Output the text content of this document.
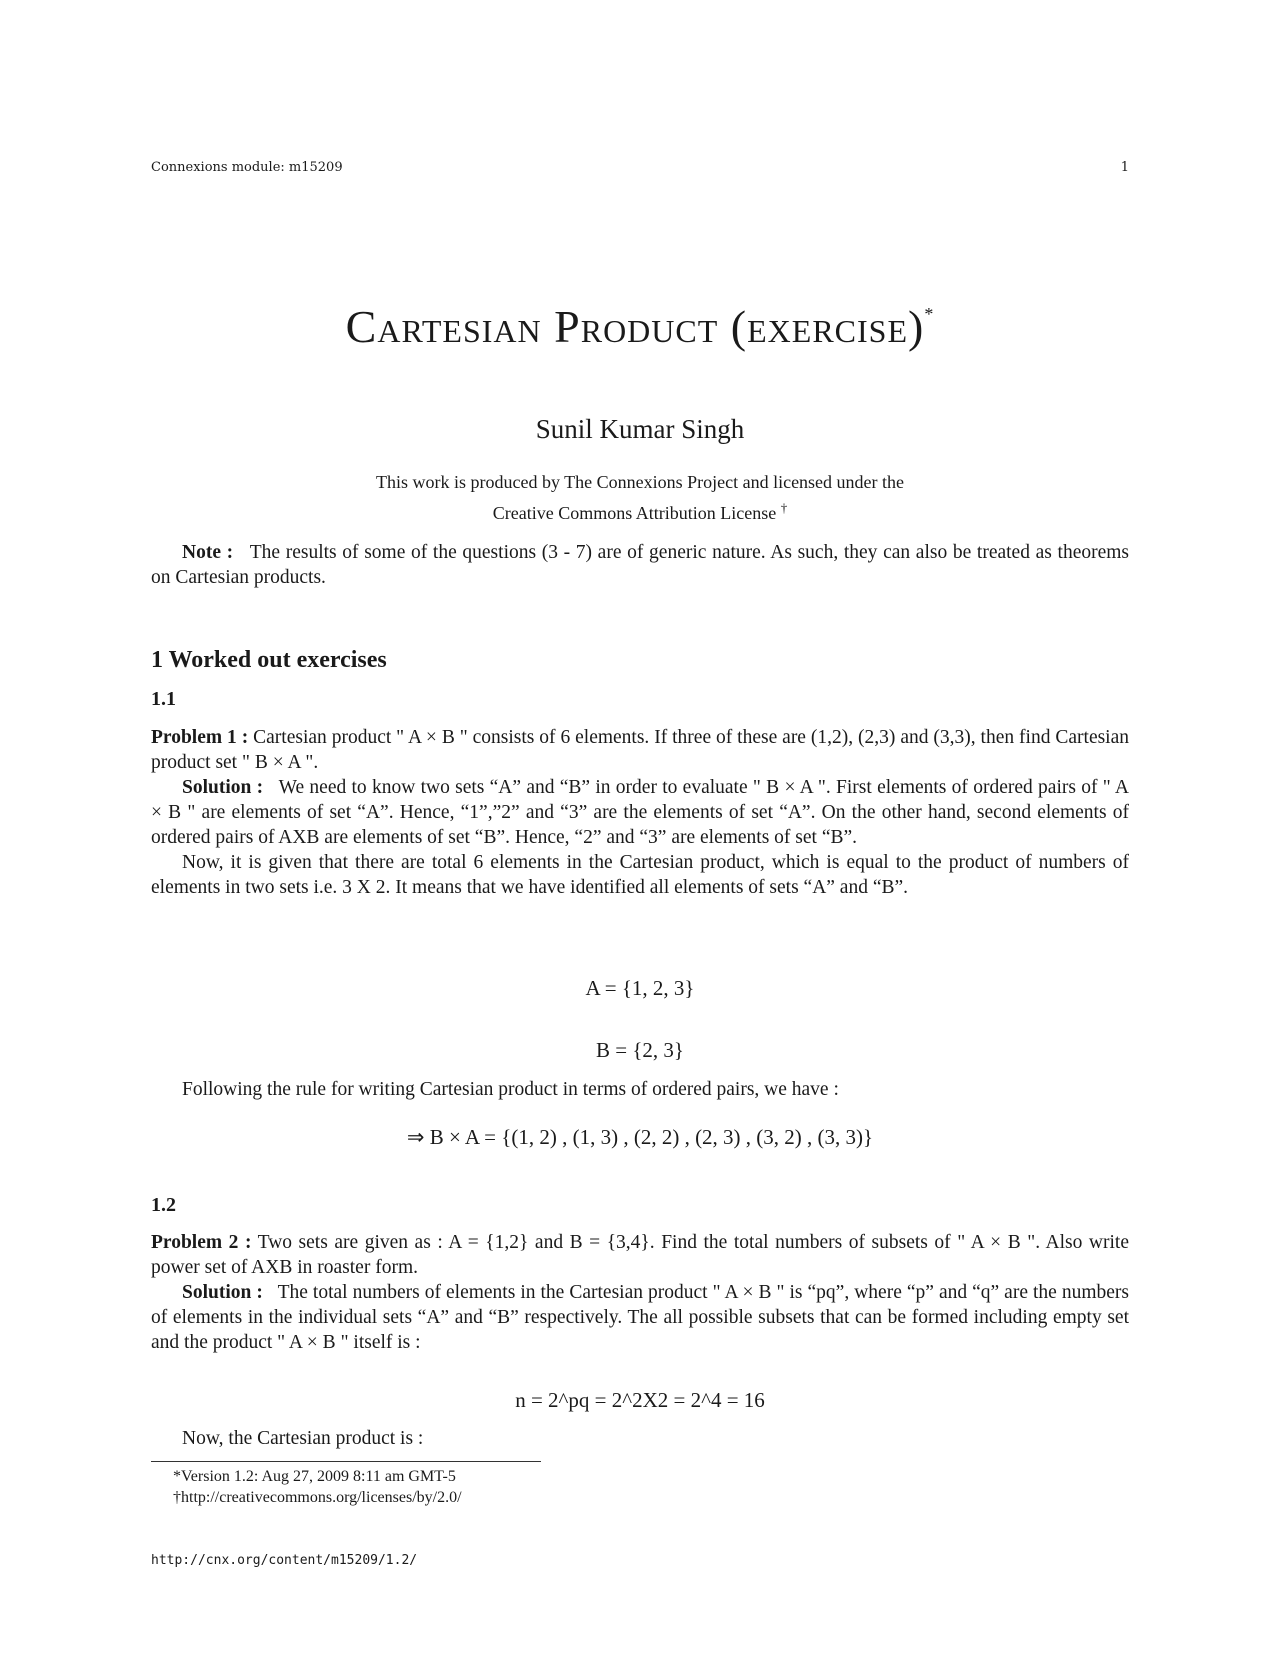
Connexions module: m15209	1
Cartesian Product (exercise)*
Sunil Kumar Singh
This work is produced by The Connexions Project and licensed under the
Creative Commons Attribution License †

Note : The results of some of the questions (3 - 7) are of generic nature. As such, they can also be treated as theorems on Cartesian products.

1 Worked out exercises
1.1

Problem 1 : Cartesian product " A × B " consists of 6 elements. If three of these are (1,2), (2,3) and (3,3), then find Cartesian product set " B × A ".

Solution : We need to know two sets “A” and “B” in order to evaluate " B × A ". First elements of ordered pairs of " A × B " are elements of set “A”. Hence, “1”,”2” and “3” are the elements of set “A”. On the other hand, second elements of ordered pairs of AXB are elements of set “B”. Hence, “2” and “3” are elements of set “B”.

Now, it is given that there are total 6 elements in the Cartesian product, which is equal to the product of numbers of elements in two sets i.e. 3 X 2. It means that we have identified all elements of sets “A” and “B”.

A = {1, 2, 3}
B = {2, 3}

Following the rule for writing Cartesian product in terms of ordered pairs, we have :

⇒ B × A = {(1, 2) , (1, 3) , (2, 2) , (2, 3) , (3, 2) , (3, 3)}
1.2

Problem 2 : Two sets are given as : A = {1,2} and B = {3,4}. Find the total numbers of subsets of " A × B ". Also write power set of AXB in roaster form.

Solution : The total numbers of elements in the Cartesian product " A × B " is “pq”, where “p” and “q” are the numbers of elements in the individual sets “A” and “B” respectively. The all possible subsets that can be formed including empty set and the product " A × B " itself is :

n = 2^pq = 2^2X2 = 2^4 = 16

Now, the Cartesian product is :

*Version 1.2: Aug 27, 2009 8:11 am GMT-5
†http://creativecommons.org/licenses/by/2.0/
http://cnx.org/content/m15209/1.2/
